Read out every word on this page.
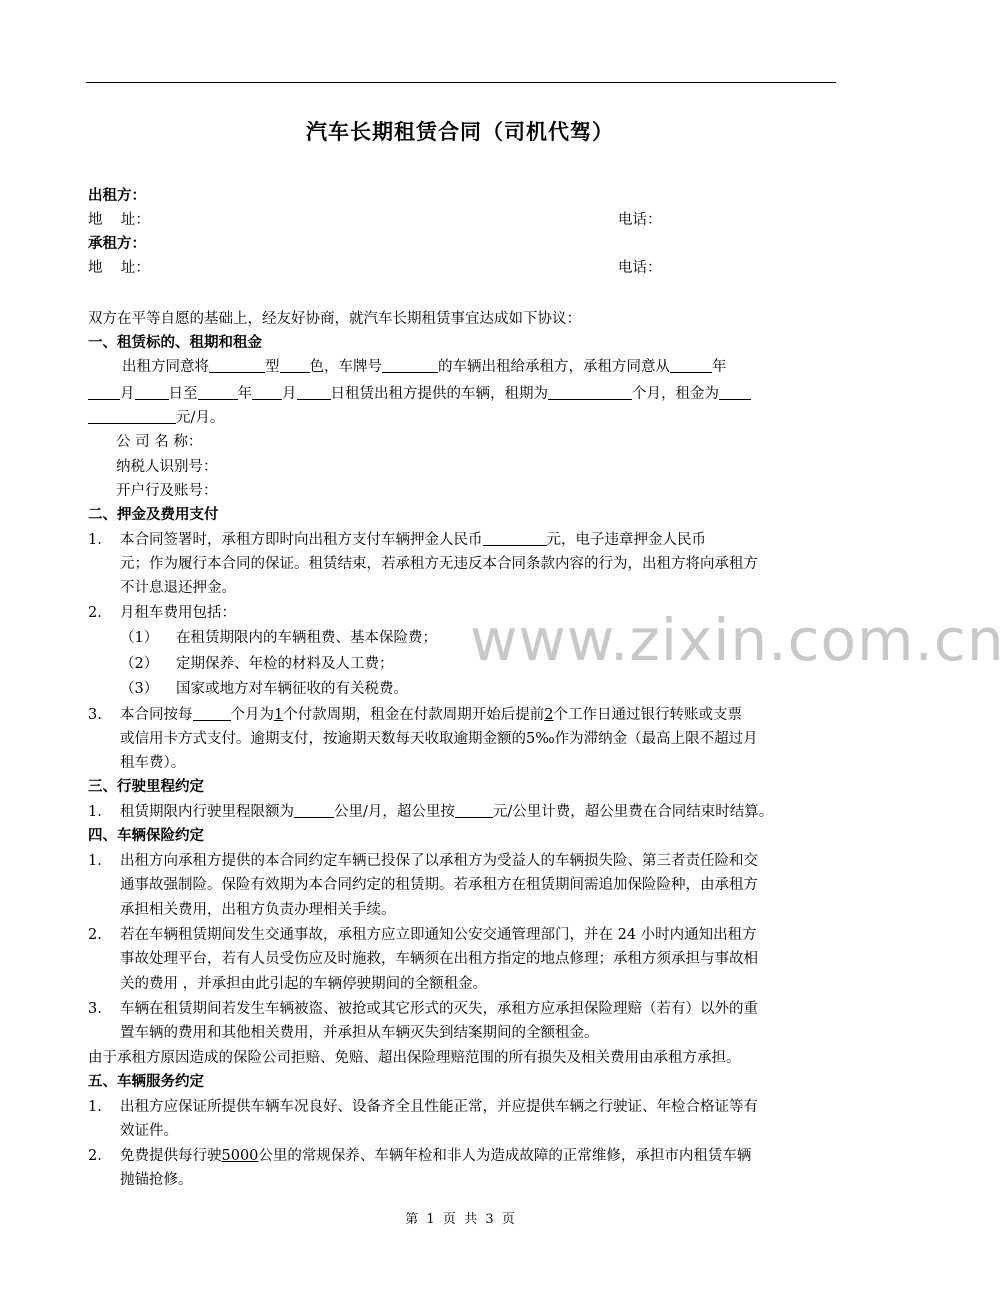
汽车长期租赁合同（司机代驾）
出租方：
地    址：	电话：
承租方：
地    址：	电话：
双方在平等自愿的基础上，经友好协商，就汽车长期租赁事宜达成如下协议：
一、租赁标的、租期和租金
出租方同意将	型 色，车牌号	的车辆出租给承租方，承租方同意从	年
月 日至	年 月 日租赁出租方提供的车辆，租期为	个月，租金为
元/月。
公 司 名 称：
纳税人识别号：
开户行及账号：
二、押金及费用支付
1. 本合同签署时，承租方即时向出租方支付车辆押金人民币	元，电子违章押金人民币
元；作为履行本合同的保证。租赁结束，若承租方无违反本合同条款内容的行为，出租方将向承租方
不计息退还押金。
2. 月租车费用包括：
（1） 在租赁期限内的车辆租费、基本保险费；
（2） 定期保养、年检的材料及人工费；
（3） 国家或地方对车辆征收的有关税费。
3. 本合同按每	个月为1个付款周期，租金在付款周期开始后提前2个工作日通过银行转账或支票
或信用卡方式支付。逾期支付，按逾期天数每天收取逾期金额的5‰作为滞纳金（最高上限不超过月
租车费）。
三、行驶里程约定
1. 租赁期限内行驶里程限额为	公里/月，超公里按	元/公里计费，超公里费在合同结束时结算。
四、车辆保险约定
1. 出租方向承租方提供的本合同约定车辆已投保了以承租方为受益人的车辆损失险、第三者责任险和交
通事故强制险。保险有效期为本合同约定的租赁期。若承租方在租赁期间需追加保险险种，由承租方
承担相关费用，出租方负责办理相关手续。
2. 若在车辆租赁期间发生交通事故，承租方应立即通知公安交通管理部门，并在 24 小时内通知出租方
事故处理平台，若有人员受伤应及时施救，车辆须在出租方指定的地点修理；承租方须承担与事故相
关的费用 ，并承担由此引起的车辆停驶期间的全额租金。
3. 车辆在租赁期间若发生车辆被盗、被抢或其它形式的灭失，承租方应承担保险理赔（若有）以外的重
置车辆的费用和其他相关费用，并承担从车辆灭失到结案期间的全额租金。
由于承租方原因造成的保险公司拒赔、免赔、超出保险理赔范围的所有损失及相关费用由承租方承担。
五、车辆服务约定
1. 出租方应保证所提供车辆车况良好、设备齐全且性能正常，并应提供车辆之行驶证、年检合格证等有
效证件。
2. 免费提供每行驶5000公里的常规保养、车辆年检和非人为造成故障的正常维修，承担市内租赁车辆
抛锚抢修。
www.zixin.com.cn
第  1  页  共  3  页
